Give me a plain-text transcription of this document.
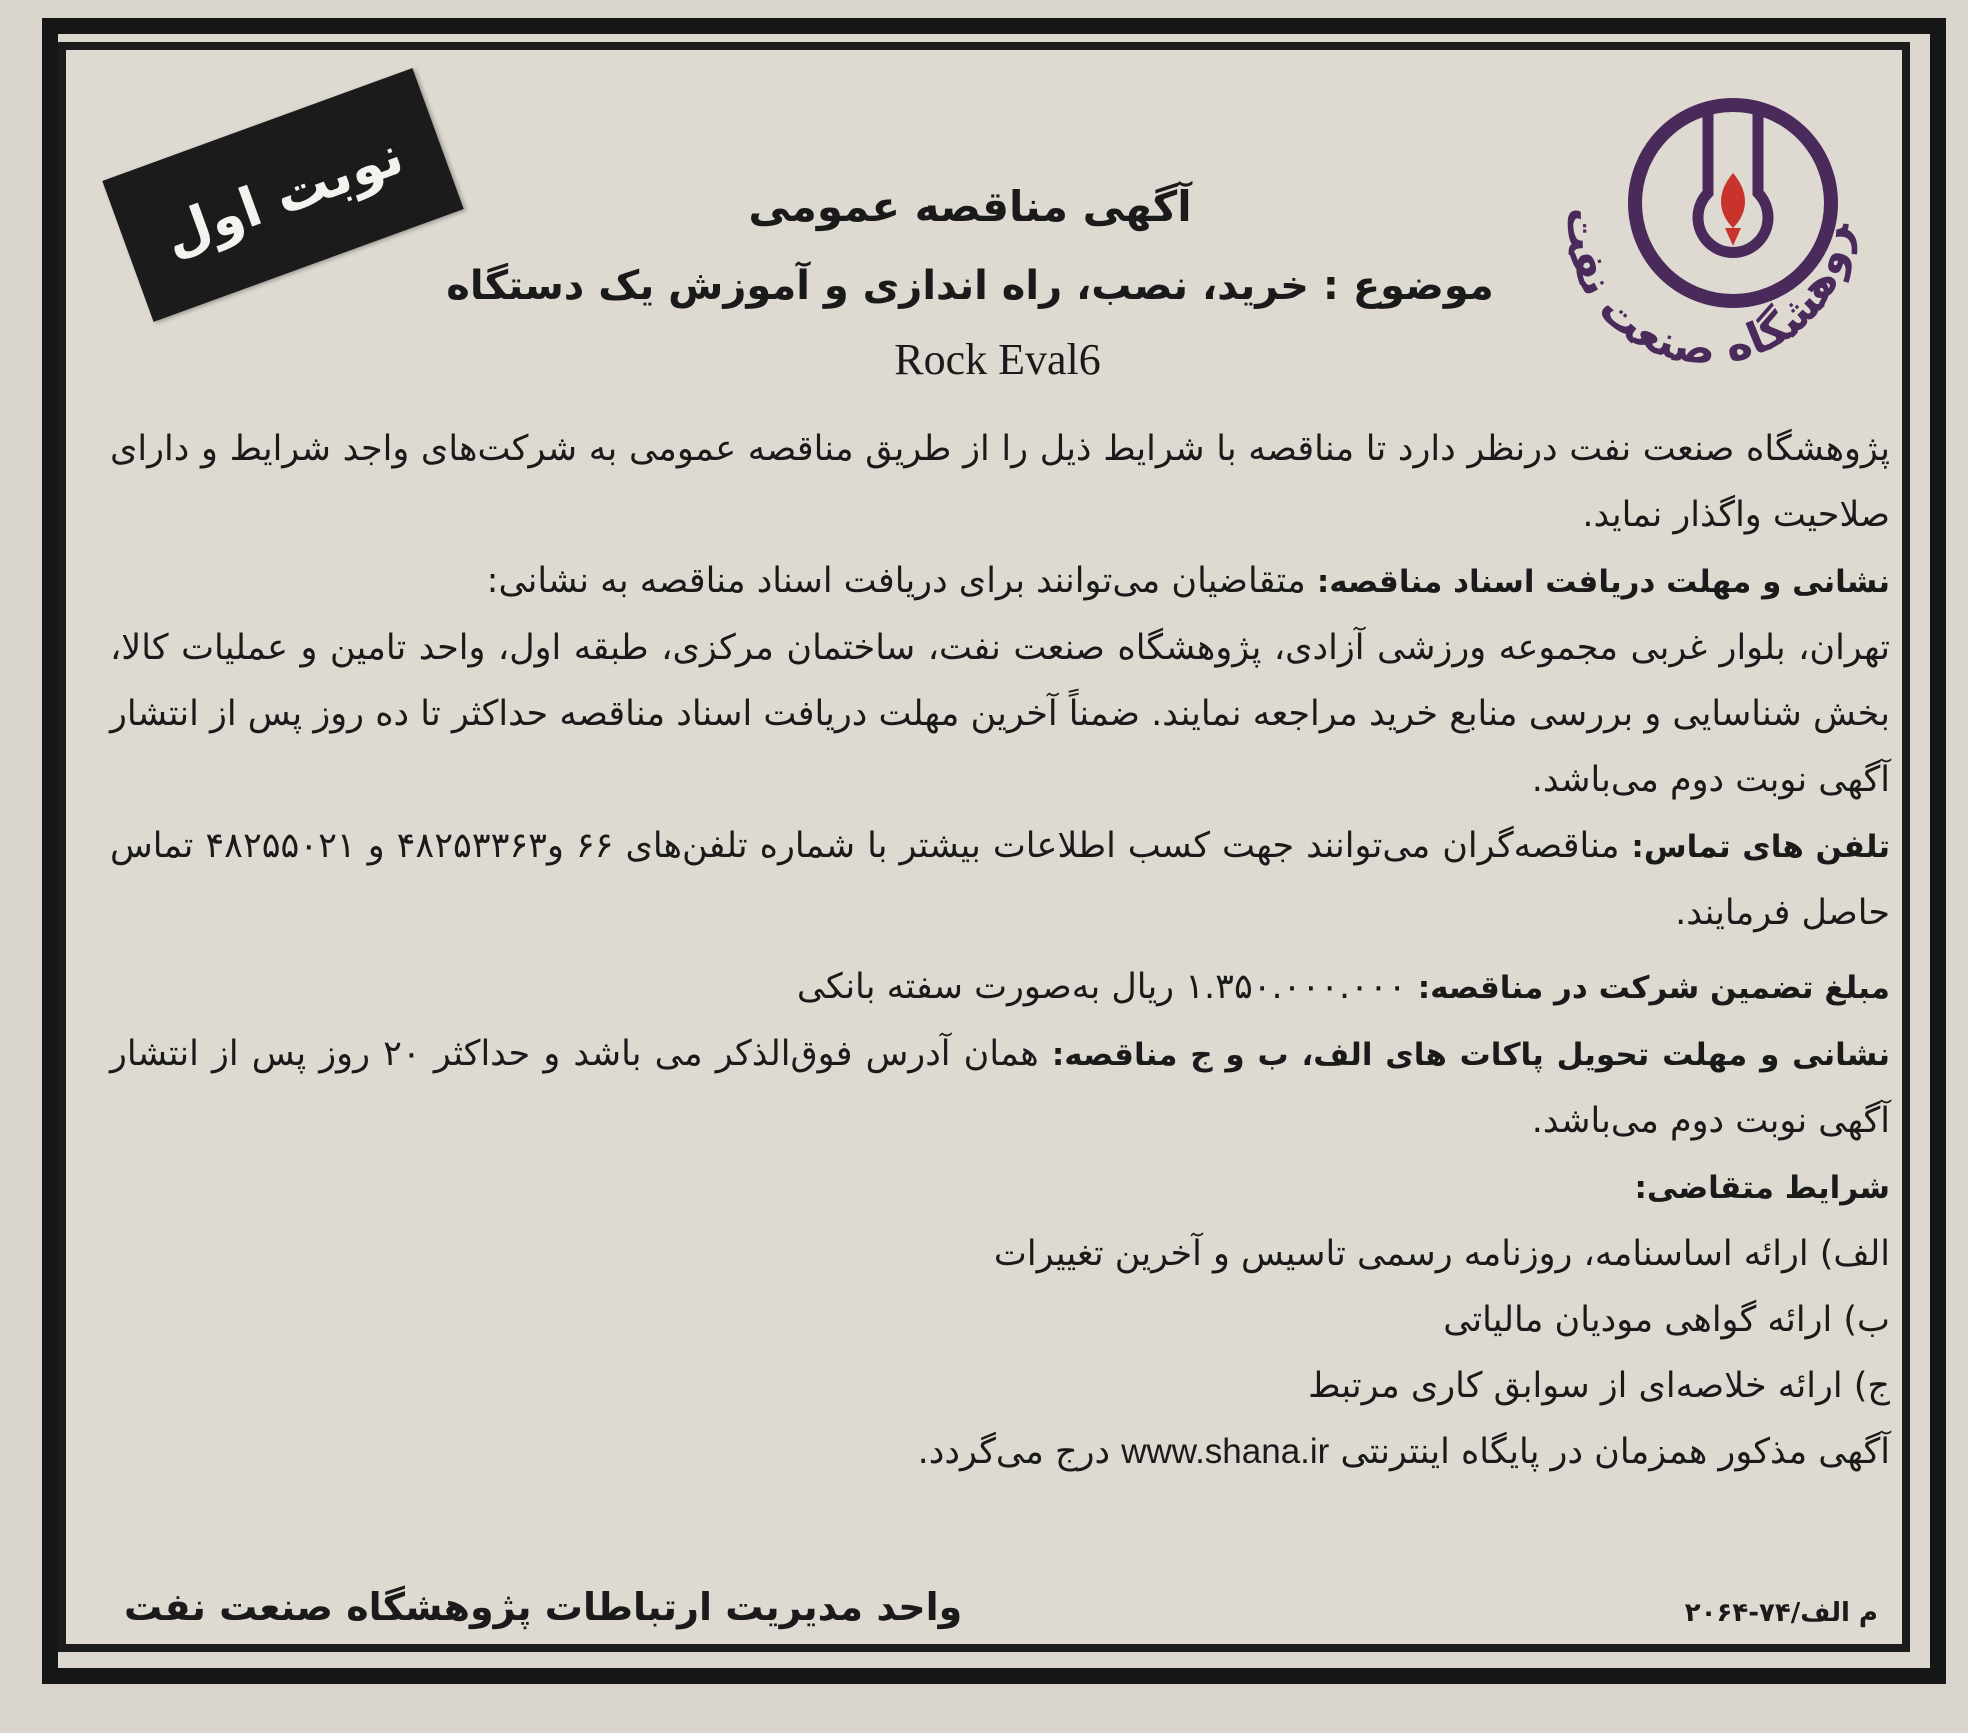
نوبت اول	ژوهشگاه صنعت نفت
آگهی مناقصه عمومی
موضوع : خرید، نصب، راه اندازی و آموزش یک دستگاه
Rock Eval6

پژوهشگاه صنعت نفت درنظر دارد تا مناقصه با شرایط ذیل را از طریق مناقصه عمومی به شرکت‌های واجد شرایط و دارای صلاحیت واگذار نماید.

نشانی و مهلت دریافت اسناد مناقصه: متقاضیان می‌توانند برای دریافت اسناد مناقصه به نشانی:

تهران، بلوار غربی مجموعه ورزشی آزادی، پژوهشگاه صنعت نفت، ساختمان مرکزی، طبقه اول، واحد تامین و عملیات کالا، بخش شناسایی و بررسی منابع خرید مراجعه نمایند. ضمناً آخرین مهلت دریافت اسناد مناقصه حداکثر تا ده روز پس از انتشار آگهی نوبت دوم می‌باشد.

تلفن های تماس: مناقصه‌گران می‌توانند جهت کسب اطلاعات بیشتر با شماره تلفن‌های ۶۶ و۴۸۲۵۳۳۶۳ و ۴۸۲۵۵۰۲۱ تماس حاصل فرمایند.

مبلغ تضمین شرکت در مناقصه: ۱.۳۵۰.۰۰۰.۰۰۰ ریال به‌صورت سفته بانکی

نشانی و مهلت تحویل پاکات های الف، ب و ج مناقصه: همان آدرس فوق‌الذکر می باشد و حداکثر ۲۰ روز پس از انتشار آگهی نوبت دوم می‌باشد.

شرایط متقاضی:

الف) ارائه اساسنامه، روزنامه رسمی تاسیس و آخرین تغییرات

ب) ارائه گواهی مودیان مالیاتی

ج) ارائه خلاصه‌ای از سوابق کاری مرتبط

آگهی مذکور همزمان در پایگاه اینترنتی www.shana.ir درج می‌گردد.

واحد مدیریت ارتباطات پژوهشگاه صنعت نفت	م الف/۷۴-۲۰۶۴
